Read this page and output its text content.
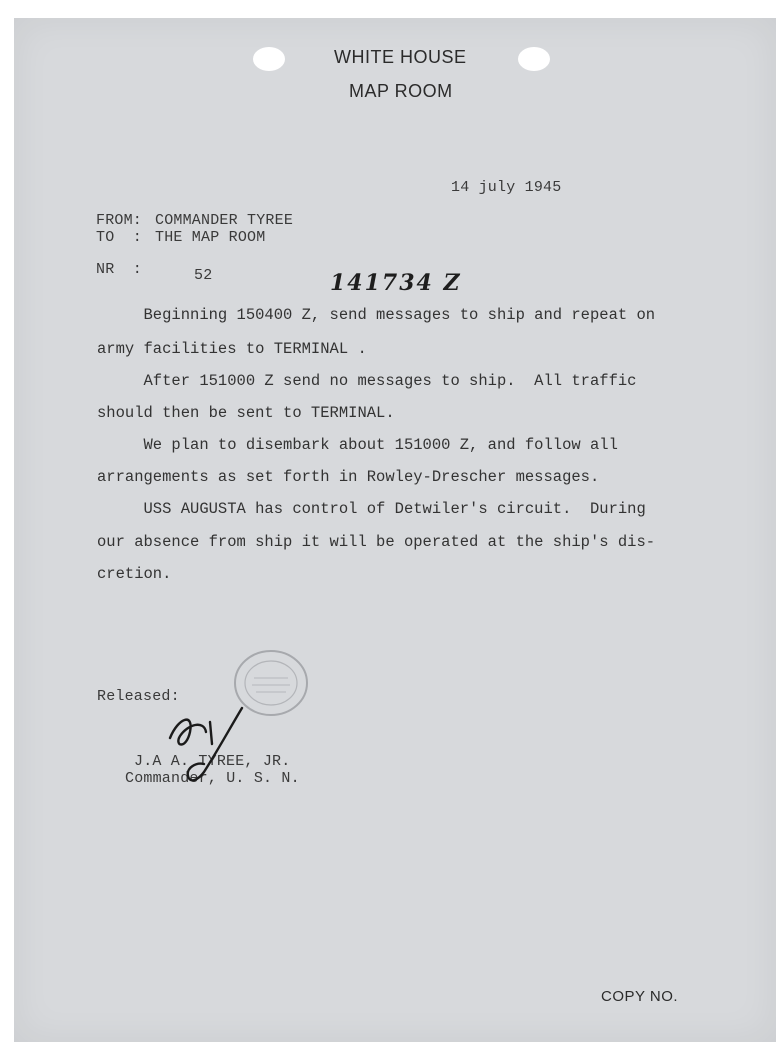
WHITE HOUSE
MAP ROOM
14 july 1945
FROM: COMMANDER TYREE
TO  : THE MAP ROOM
NR  :	52	141734 Z
Beginning 150400 Z, send messages to ship and repeat on
army facilities to TERMINAL .
After 151000 Z send no messages to ship.  All traffic
should then be sent to TERMINAL.
We plan to disembark about 151000 Z, and follow all
arrangements as set forth in Rowley-Drescher messages.
USS AUGUSTA has control of Detwiler's circuit.  During
our absence from ship it will be operated at the ship's dis-
cretion.
Released:
J.A A. TYREE, JR.
Commander, U. S. N.
COPY NO.
